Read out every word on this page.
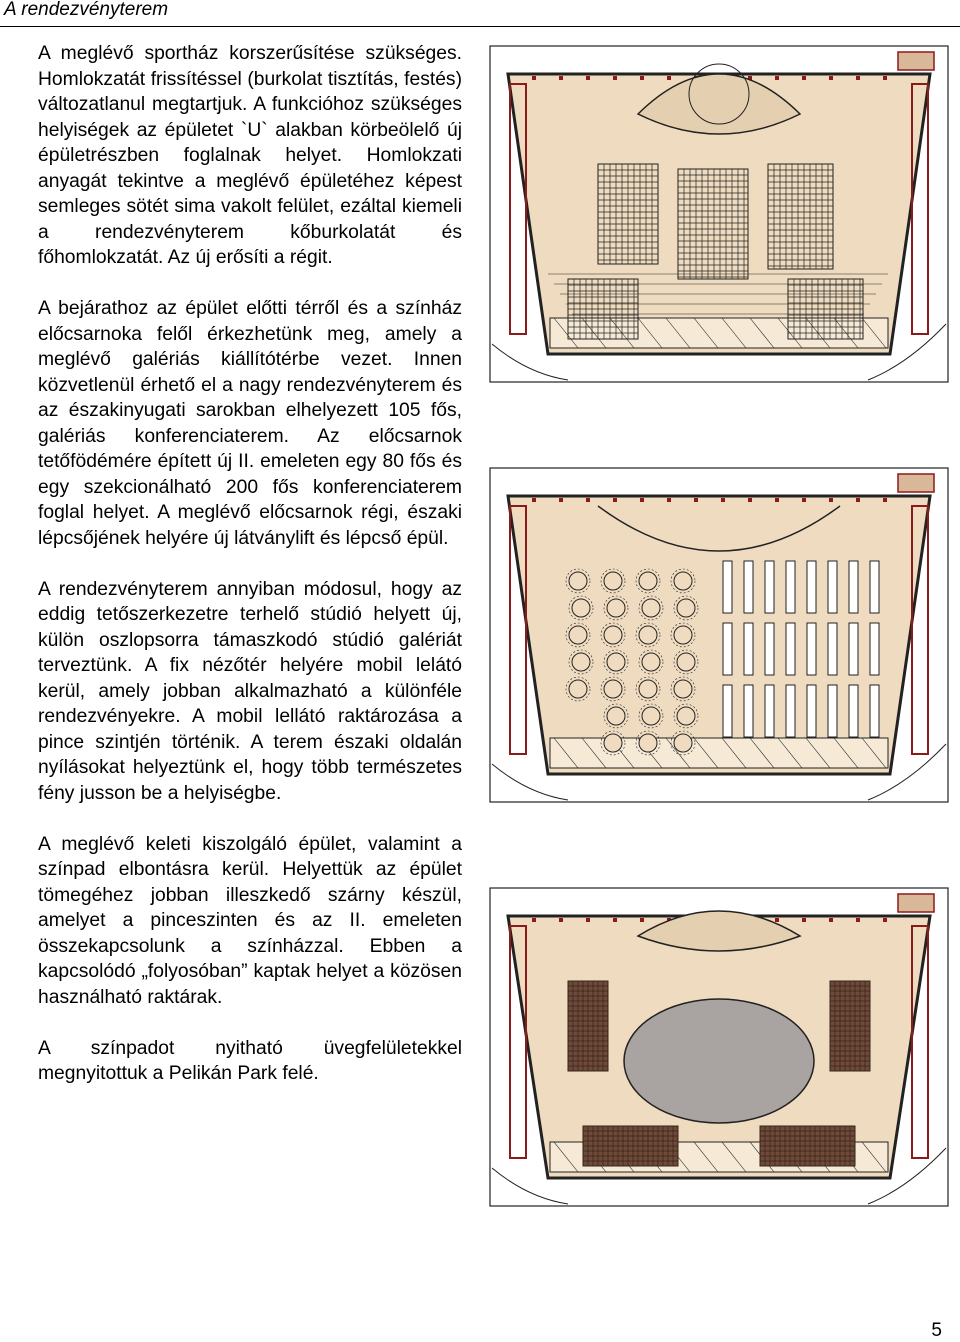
A rendezvényterem

A meglévő sportház korszerűsítése szükséges. Homlokzatát frissítéssel (burkolat tisztítás, festés) változatlanul megtartjuk. A funkcióhoz szükséges helyiségek az épületet `U` alakban körbeölelő új épületrészben foglalnak helyet. Homlokzati anyagát tekintve a meglévő épületéhez képest semleges sötét sima vakolt felület, ezáltal kiemeli a rendezvényterem kőburkolatát és főhomlokzatát. Az új erősíti a régit.

A bejárathoz az épület előtti térről és a színház előcsarnoka felől érkezhetünk meg, amely a meglévő galériás kiállítótérbe vezet. Innen közvetlenül érhető el a nagy rendezvényterem és az északinyugati sarokban elhelyezett 105 fős, galériás konferenciaterem. Az előcsarnok tetőfödémére épített új II. emeleten egy 80 fős és egy szekcionálható 200 fős konferenciaterem foglal helyet. A meglévő előcsarnok régi, északi lépcsőjének helyére új látványlift és lépcső épül.

A rendezvényterem annyiban módosul, hogy az eddig tetőszerkezetre terhelő stúdió helyett új, külön oszlopsorra támaszkodó stúdió galériát terveztünk. A fix nézőtér helyére mobil lelátó kerül, amely jobban alkalmazható a különféle rendezvényekre. A mobil lellátó raktározása a pince szintjén történik. A terem északi oldalán nyílásokat helyeztünk el, hogy több természetes fény jusson be a helyiségbe.

A meglévő keleti kiszolgáló épület, valamint a színpad elbontásra kerül. Helyettük az épület tömegéhez jobban illeszkedő szárny készül, amelyet a pinceszinten és az II. emeleten összekapcsolunk a színházzal. Ebben a kapcsolódó „folyosóban” kaptak helyet a közösen használható raktárak.

A színpadot nyitható üvegfelületekkel megnyitottuk a Pelikán Park felé.

5
